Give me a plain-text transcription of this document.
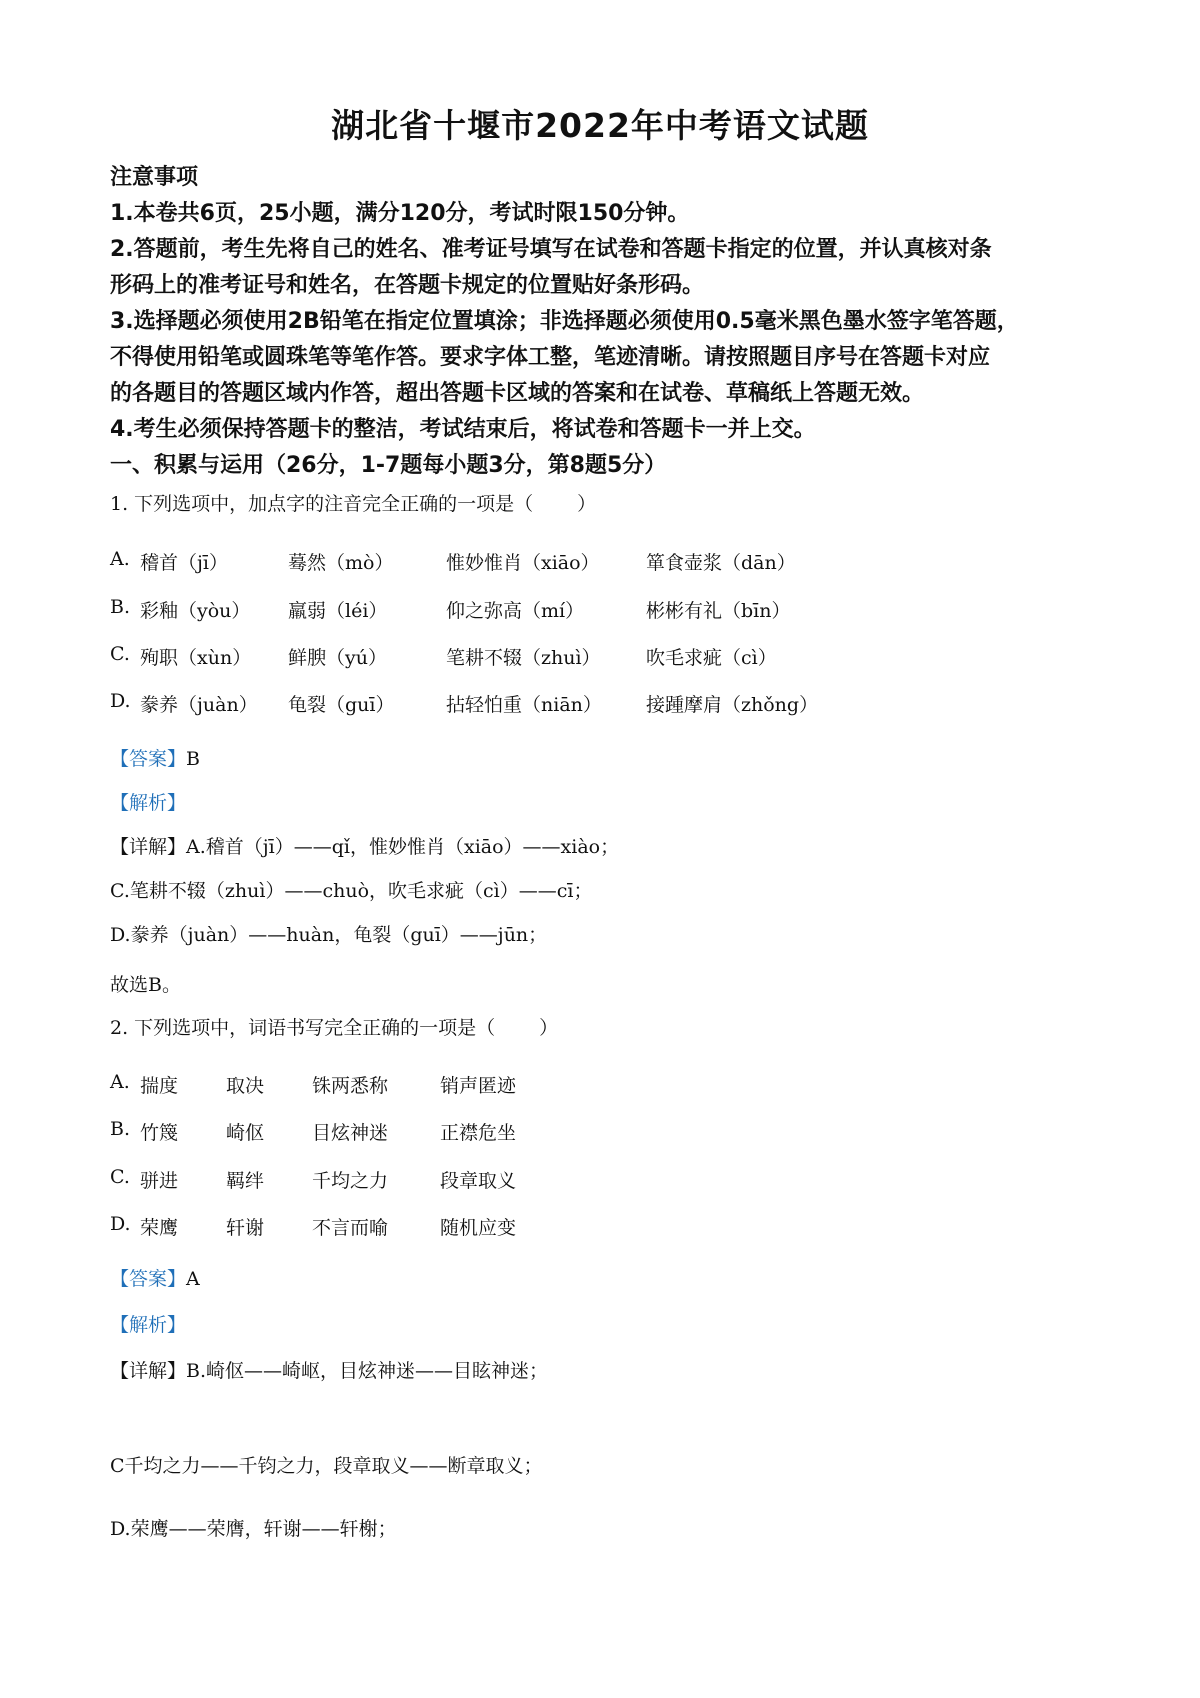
湖北省十堰市2022年中考语文试题
注意事项
1.本卷共6页，25小题，满分120分，考试时限150分钟。
2.答题前，考生先将自己的姓名、准考证号填写在试卷和答题卡指定的位置，并认真核对条
形码上的准考证号和姓名，在答题卡规定的位置贴好条形码。
3.选择题必须使用2B铅笔在指定位置填涂；非选择题必须使用0.5毫米黑色墨水签字笔答题，
不得使用铅笔或圆珠笔等笔作答。要求字体工整，笔迹清晰。请按照题目序号在答题卡对应
的各题目的答题区域内作答，超出答题卡区域的答案和在试卷、草稿纸上答题无效。
4.考生必须保持答题卡的整洁，考试结束后，将试卷和答题卡一并上交。
一、积累与运用（26分，1-7题每小题3分，第8题5分）
1. 下列选项中，加点字的注音完全正确的一项是（ ）
A. 稽首（jī）	蓦然（mò）	惟妙惟肖（xiāo） 箪食壶浆（dān）
B. 彩釉（yòu） 羸弱（léi）	仰之弥高（mí）	彬彬有礼（bīn）
C. 殉职（xùn） 鲜腴（yú）	笔耕不辍（zhuì） 吹毛求疵（cì）
D. 豢养（juàn） 龟裂（guī）	拈轻怕重（niān） 接踵摩肩（zhǒng）
【答案】B
【解析】
【详解】A.稽首（jī）——qǐ，惟妙惟肖（xiāo）——xiào；
C.笔耕不辍（zhuì）——chuò，吹毛求疵（cì）——cī；
D.豢养（juàn）——huàn，龟裂（guī）——jūn；
故选B。
2. 下列选项中，词语书写完全正确的一项是（ ）
A. 揣度	取决	铢两悉称	销声匿迹
B. 竹篾	崎伛	目炫神迷	正襟危坐
C. 骈进	羁绊	千均之力	段章取义
D. 荣鹰	轩谢	不言而喻	随机应变
【答案】A
【解析】
【详解】B.崎伛——崎岖，目炫神迷——目眩神迷；
C千均之力——千钧之力，段章取义——断章取义；
D.荣鹰——荣膺，轩谢——轩榭；
